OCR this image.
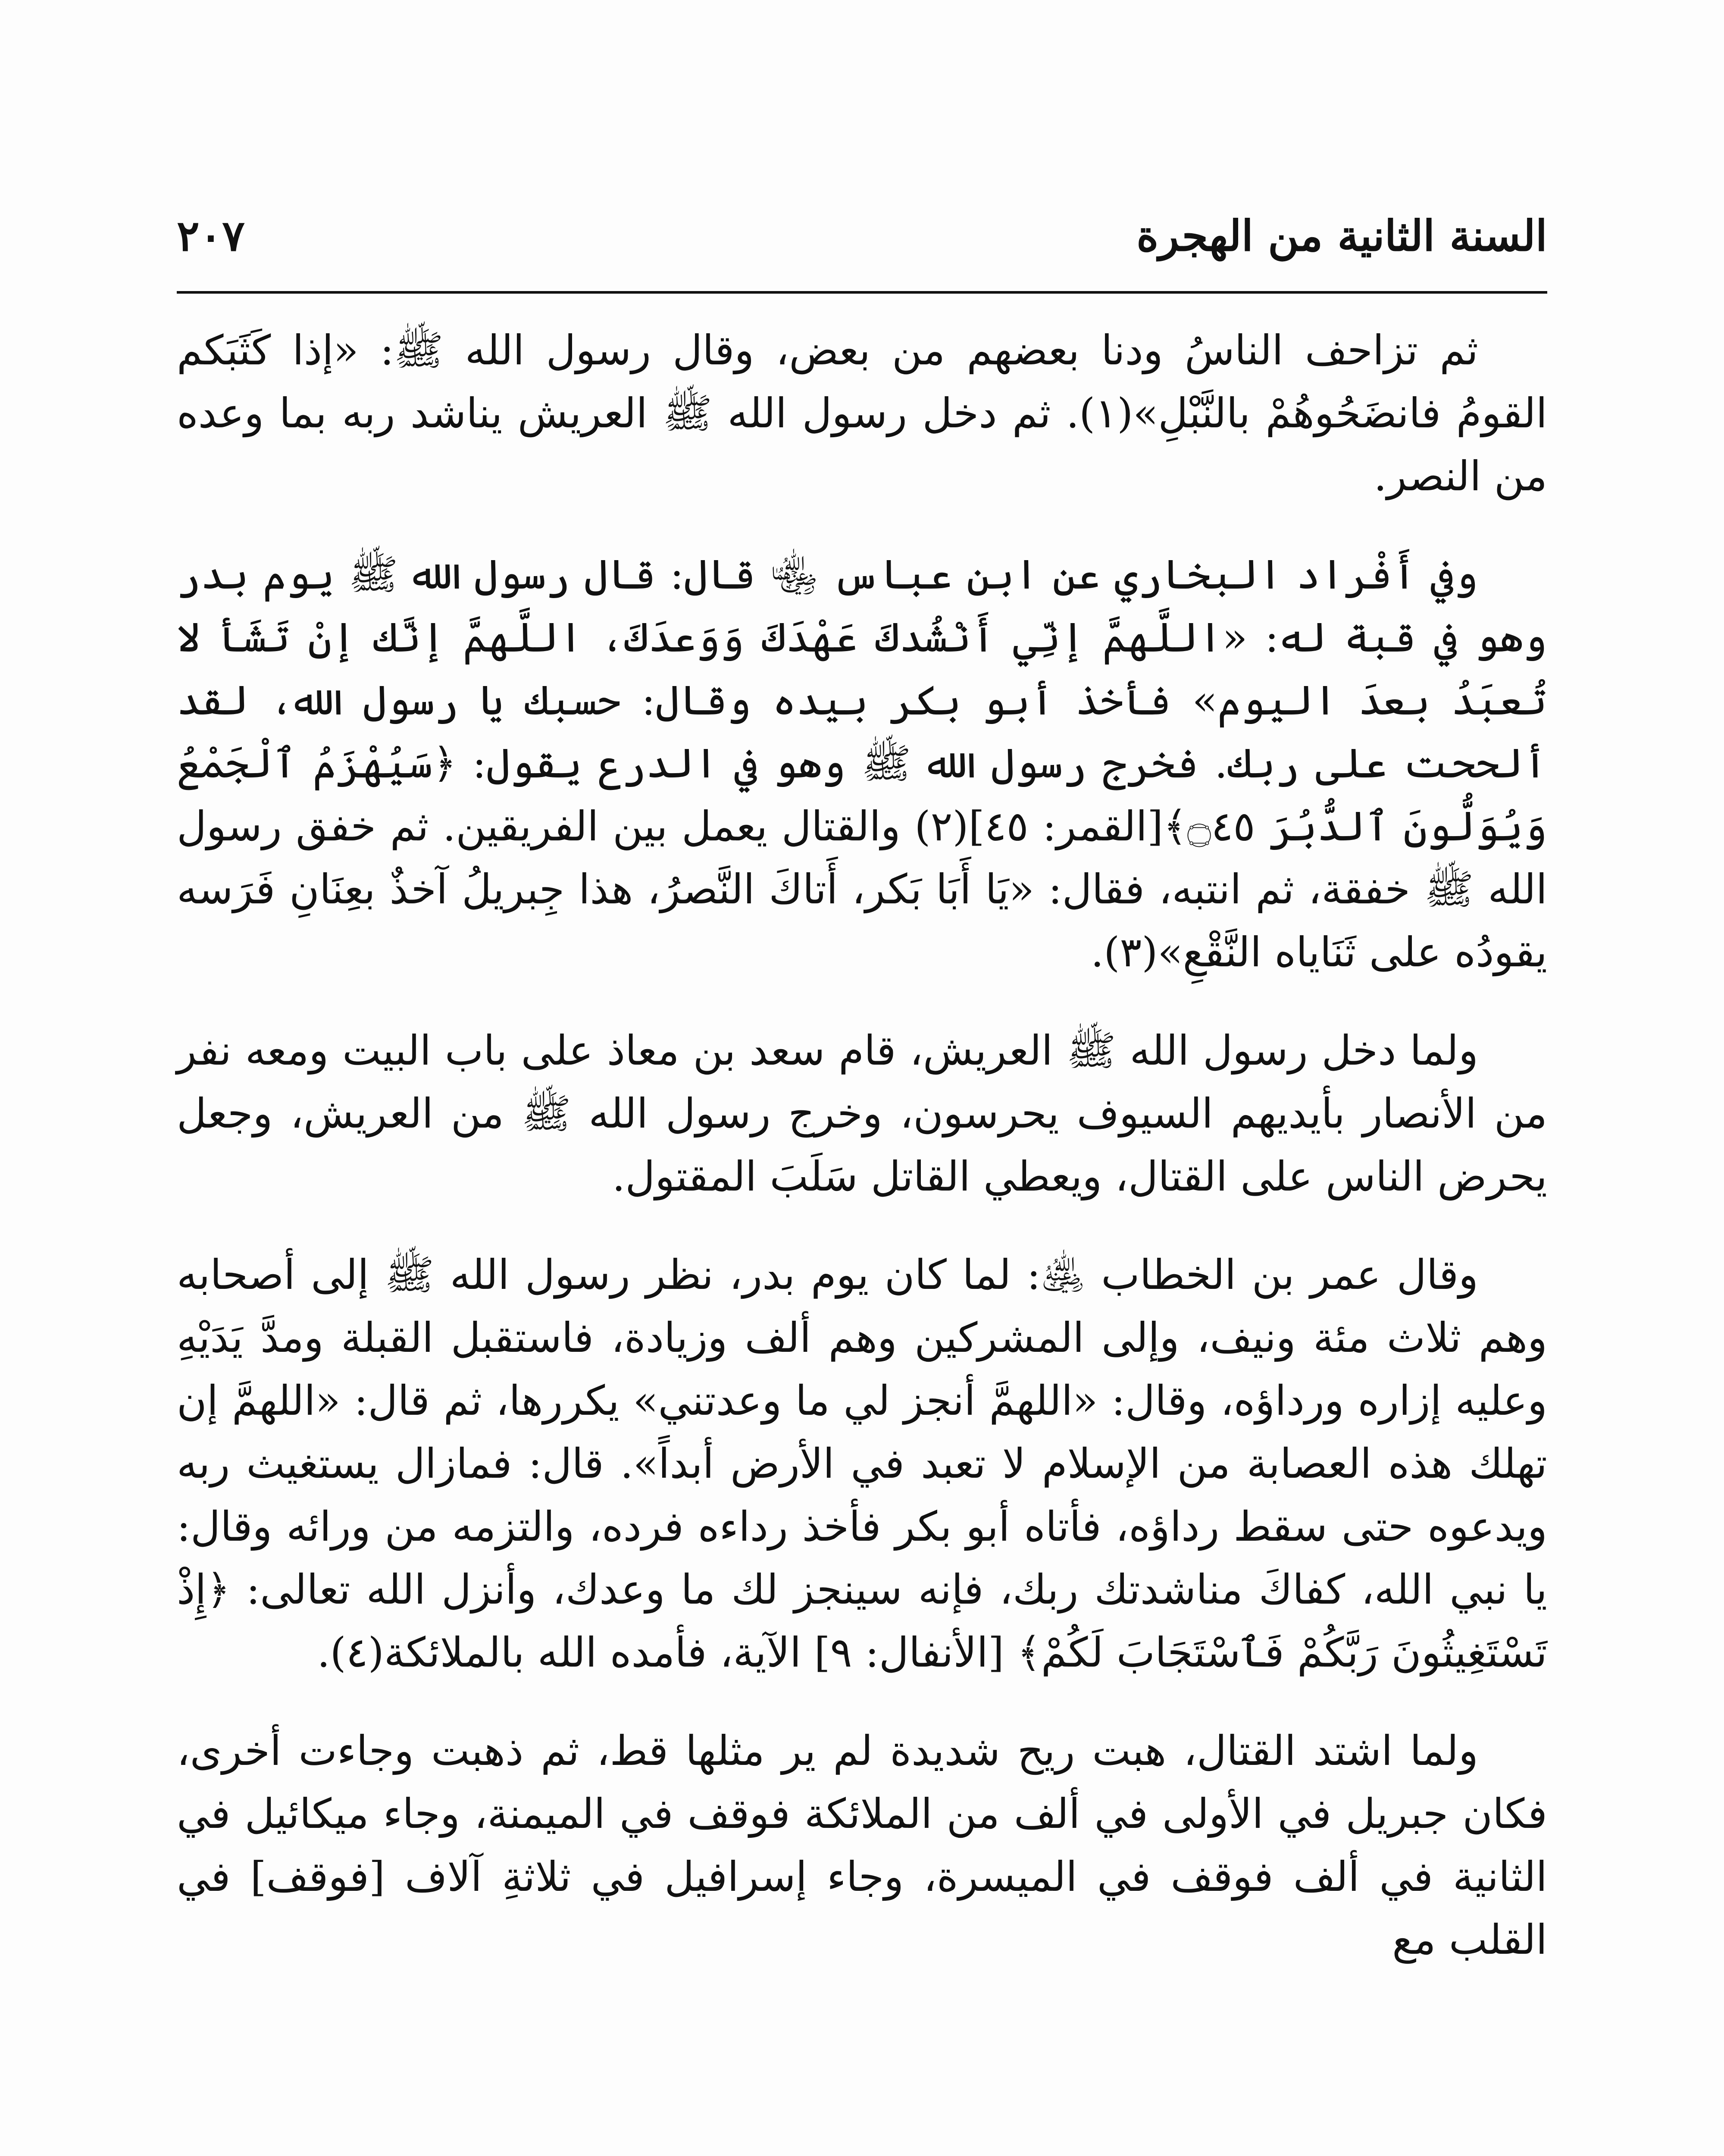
السنة الثانية من الهجرة
٢٠٧

ثم تزاحف الناسُ ودنا بعضهم من بعض، وقال رسول الله ﷺ: «إذا كَثَبَكم القومُ فانضَحُوهُمْ بالنَّبْلِ»(١). ثم دخل رسول الله ﷺ العريش يناشد ربه بما وعده من النصر.

وفي أَفْراد البخاري عن ابن عباس ﵄ قال: قال رسول الله ﷺ يوم بدر وهو في قبة له: «اللَّهمَّ إنِّي أَنْشُدكَ عَهْدَكَ وَوَعدَكَ، اللَّهمَّ إنَّك إنْ تَشَأ لا تُعبَدُ بعدَ اليوم» فأخذ أبو بكر بيده وقال: حسبك يا رسول الله، لقد ألححت على ربك. فخرج رسول الله ﷺ وهو في الدرع يقول: ﴿سَيُهْزَمُ ٱلْجَمْعُ وَيُوَلُّونَ ٱلدُّبُرَ ۝٤٥﴾[القمر: ٤٥](٢) والقتال يعمل بين الفريقين. ثم خفق رسول الله ﷺ خفقة، ثم انتبه، فقال: «يَا أَبَا بَكر، أَتاكَ النَّصرُ، هذا جِبريلُ آخذٌ بعِنَانِ فَرَسه يقودُه على ثَنَاياه النَّقْعِ»(٣).

ولما دخل رسول الله ﷺ العريش، قام سعد بن معاذ على باب البيت ومعه نفر من الأنصار بأيديهم السيوف يحرسون، وخرج رسول الله ﷺ من العريش، وجعل يحرض الناس على القتال، ويعطي القاتل سَلَبَ المقتول.

وقال عمر بن الخطاب ﵁: لما كان يوم بدر، نظر رسول الله ﷺ إلى أصحابه وهم ثلاث مئة ونيف، وإلى المشركين وهم ألف وزيادة، فاستقبل القبلة ومدَّ يَدَيْهِ وعليه إزاره ورداؤه، وقال: «اللهمَّ أنجز لي ما وعدتني» يكررها، ثم قال: «اللهمَّ إن تهلك هذه العصابة من الإسلام لا تعبد في الأرض أبداً». قال: فمازال يستغيث ربه ويدعوه حتى سقط رداؤه، فأتاه أبو بكر فأخذ رداءه فرده، والتزمه من ورائه وقال: يا نبي الله، كفاكَ مناشدتك ربك، فإنه سينجز لك ما وعدك، وأنزل الله تعالى: ﴿إِذْ تَسْتَغِيثُونَ رَبَّكُمْ فَٱسْتَجَابَ لَكُمْ﴾ [الأنفال: ٩] الآية، فأمده الله بالملائكة(٤).

ولما اشتد القتال، هبت ريح شديدة لم ير مثلها قط، ثم ذهبت وجاءت أخرى، فكان جبريل في الأولى في ألف من الملائكة فوقف في الميمنة، وجاء ميكائيل في الثانية في ألف فوقف في الميسرة، وجاء إسرافيل في ثلاثةِ آلاف [فوقف] في القلب مع
